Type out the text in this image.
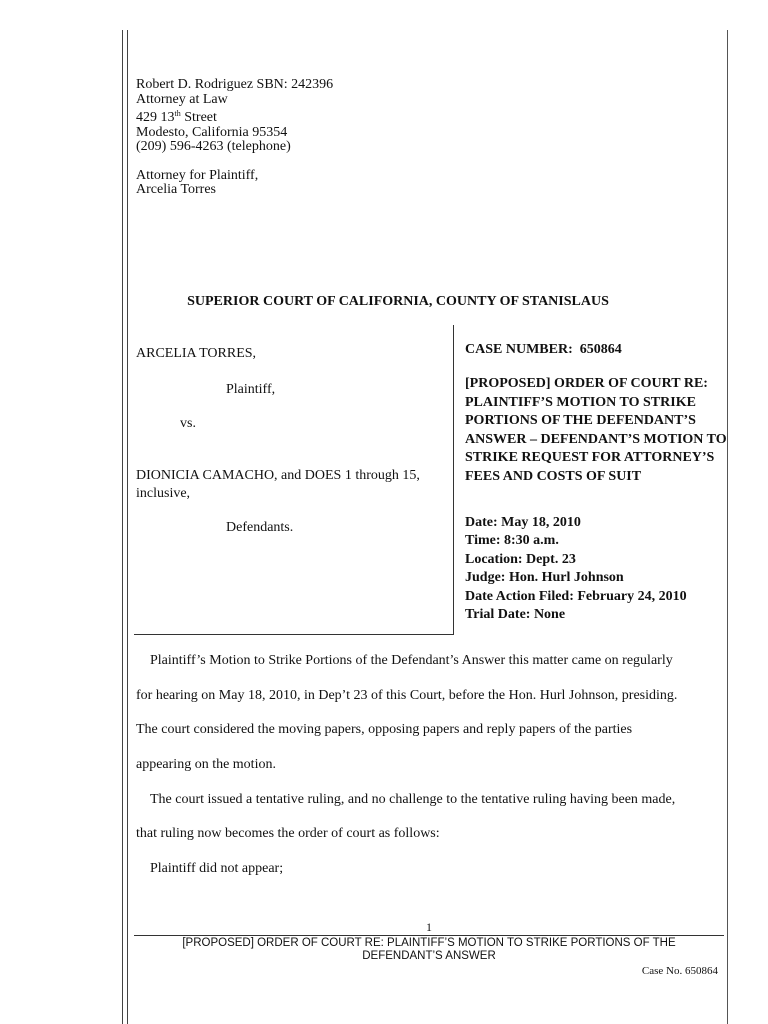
Robert D. Rodriguez SBN: 242396
Attorney at Law
429 13th Street
Modesto, California 95354
(209) 596-4263 (telephone)
Attorney for Plaintiff,
Arcelia Torres
SUPERIOR COURT OF CALIFORNIA, COUNTY OF STANISLAUS
ARCELIA TORRES,
Plaintiff,
vs.
DIONICIA CAMACHO, and DOES 1 through 15,
inclusive,
Defendants.
CASE NUMBER: 650864
[PROPOSED] ORDER OF COURT RE: PLAINTIFF’S MOTION TO STRIKE PORTIONS OF THE DEFENDANT’S ANSWER – DEFENDANT’S MOTION TO STRIKE REQUEST FOR ATTORNEY’S FEES AND COSTS OF SUIT
Date: May 18, 2010
Time: 8:30 a.m.
Location: Dept. 23
Judge: Hon. Hurl Johnson
Date Action Filed: February 24, 2010
Trial Date: None
Plaintiff’s Motion to Strike Portions of the Defendant’s Answer this matter came on regularly
for hearing on May 18, 2010, in Dep’t 23 of this Court, before the Hon. Hurl Johnson, presiding.
The court considered the moving papers, opposing papers and reply papers of the parties
appearing on the motion.
The court issued a tentative ruling, and no challenge to the tentative ruling having been made,
that ruling now becomes the order of court as follows:
Plaintiff did not appear;
1
[PROPOSED] ORDER OF COURT RE: PLAINTIFF’S MOTION TO STRIKE PORTIONS OF THE
DEFENDANT’S ANSWER
Case No. 650864
